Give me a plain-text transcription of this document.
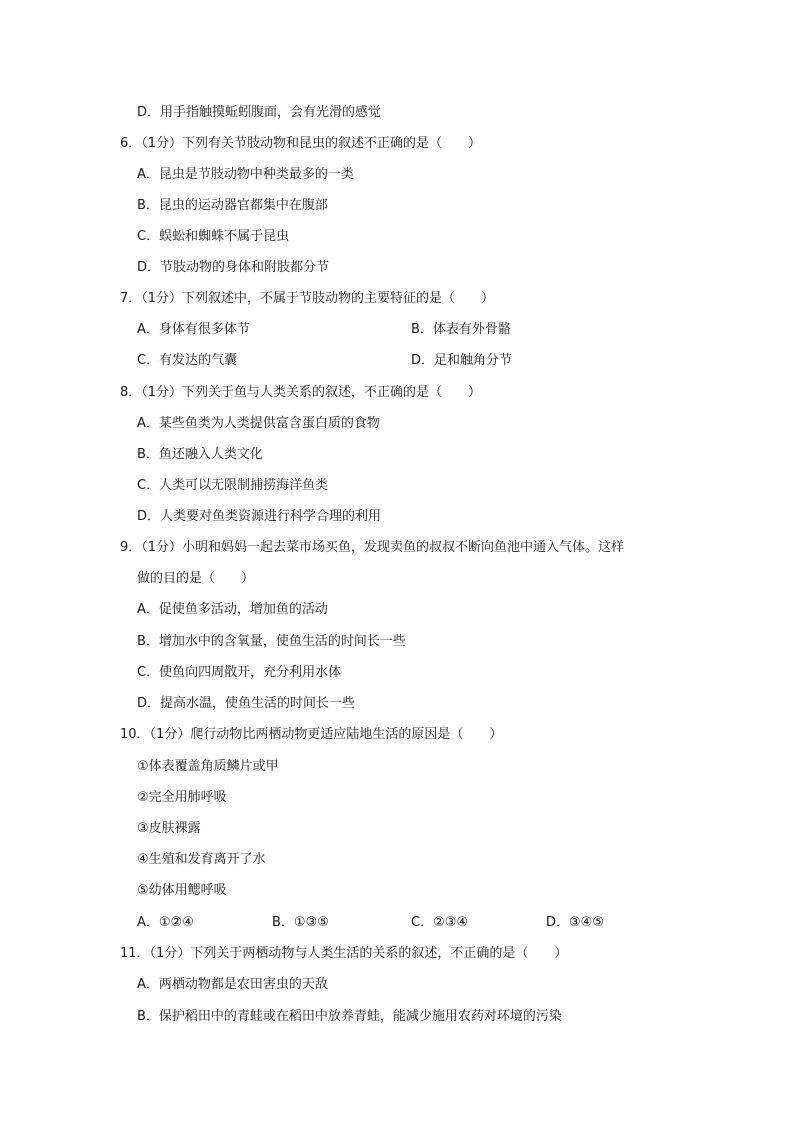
D．用手指触摸蚯蚓腹面，会有光滑的感觉
6．（1分）下列有关节肢动物和昆虫的叙述不正确的是（　　）
A．昆虫是节肢动物中种类最多的一类
B．昆虫的运动器官都集中在腹部
C．蜈蚣和蜘蛛不属于昆虫
D．节肢动物的身体和附肢都分节
7．（1分）下列叙述中，不属于节肢动物的主要特征的是（　　）
A．身体有很多体节	B．体表有外骨骼
C．有发达的气囊	D．足和触角分节
8．（1分）下列关于鱼与人类关系的叙述，不正确的是（　　）
A．某些鱼类为人类提供富含蛋白质的食物
B．鱼还融入人类文化
C．人类可以无限制捕捞海洋鱼类
D．人类要对鱼类资源进行科学合理的利用
9．（1分）小明和妈妈一起去菜市场买鱼，发现卖鱼的叔叔不断向鱼池中通入气体。这样
做的目的是（　　）
A．促使鱼多活动，增加鱼的活动
B．增加水中的含氧量，使鱼生活的时间长一些
C．使鱼向四周散开，充分利用水体
D．提高水温，使鱼生活的时间长一些
10．（1分）爬行动物比两栖动物更适应陆地生活的原因是（　　）
①体表覆盖角质鳞片或甲
②完全用肺呼吸
③皮肤裸露
④生殖和发育离开了水
⑤幼体用鳃呼吸
A．①②④	B．①③⑤	C．②③④	D．③④⑤
11．（1分）下列关于两栖动物与人类生活的关系的叙述，不正确的是（　　）
A．两栖动物都是农田害虫的天敌
B．保护稻田中的青蛙或在稻田中放养青蛙，能减少施用农药对环境的污染
